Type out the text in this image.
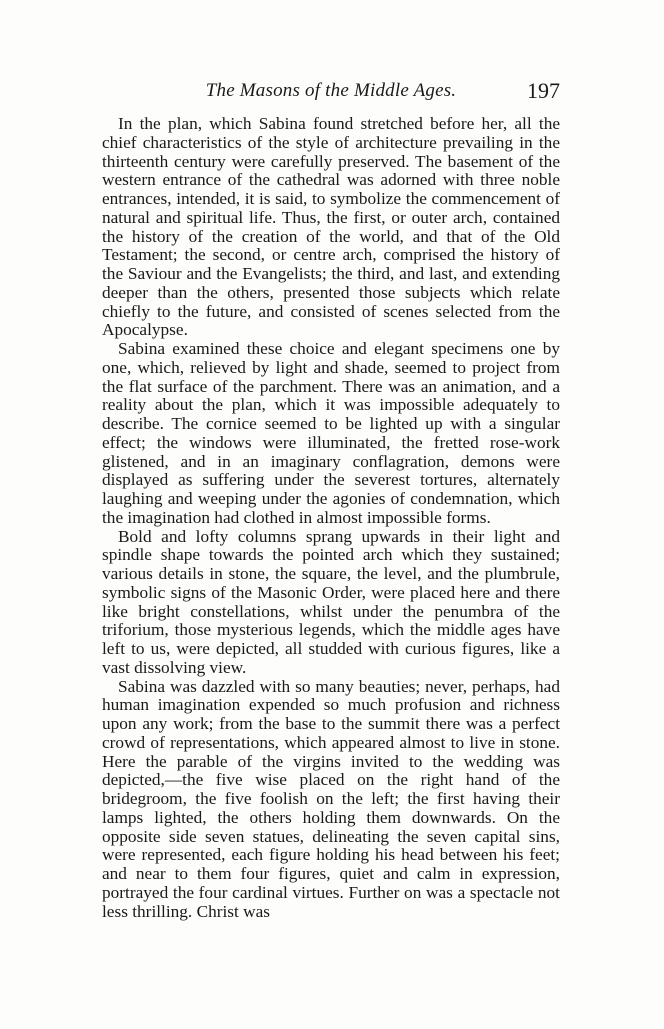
The Masons of the Middle Ages.	197

In the plan, which Sabina found stretched before her, all the chief characteristics of the style of architecture prevailing in the thirteenth century were carefully preserved. The basement of the western entrance of the cathedral was adorned with three noble entrances, intended, it is said, to symbolize the commencement of natural and spiritual life. Thus, the first, or outer arch, contained the history of the creation of the world, and that of the Old Testament; the second, or centre arch, comprised the history of the Saviour and the Evangelists; the third, and last, and extending deeper than the others, presented those subjects which relate chiefly to the future, and consisted of scenes selected from the Apocalypse.

Sabina examined these choice and elegant specimens one by one, which, relieved by light and shade, seemed to project from the flat surface of the parchment. There was an animation, and a reality about the plan, which it was impossible adequately to describe. The cornice seemed to be lighted up with a singular effect; the windows were illuminated, the fretted rose-work glistened, and in an imaginary conflagration, demons were displayed as suffering under the severest tortures, alternately laughing and weeping under the agonies of condemnation, which the imagination had clothed in almost impossible forms.

Bold and lofty columns sprang upwards in their light and spindle shape towards the pointed arch which they sustained; various details in stone, the square, the level, and the plumbrule, symbolic signs of the Masonic Order, were placed here and there like bright constellations, whilst under the penumbra of the triforium, those mysterious legends, which the middle ages have left to us, were depicted, all studded with curious figures, like a vast dissolving view.

Sabina was dazzled with so many beauties; never, perhaps, had human imagination expended so much profusion and richness upon any work; from the base to the summit there was a perfect crowd of representations, which appeared almost to live in stone. Here the parable of the virgins invited to the wedding was depicted,—the five wise placed on the right hand of the bridegroom, the five foolish on the left; the first having their lamps lighted, the others holding them downwards. On the opposite side seven statues, delineating the seven capital sins, were represented, each figure holding his head between his feet; and near to them four figures, quiet and calm in expression, portrayed the four cardinal virtues. Further on was a spectacle not less thrilling. Christ was
